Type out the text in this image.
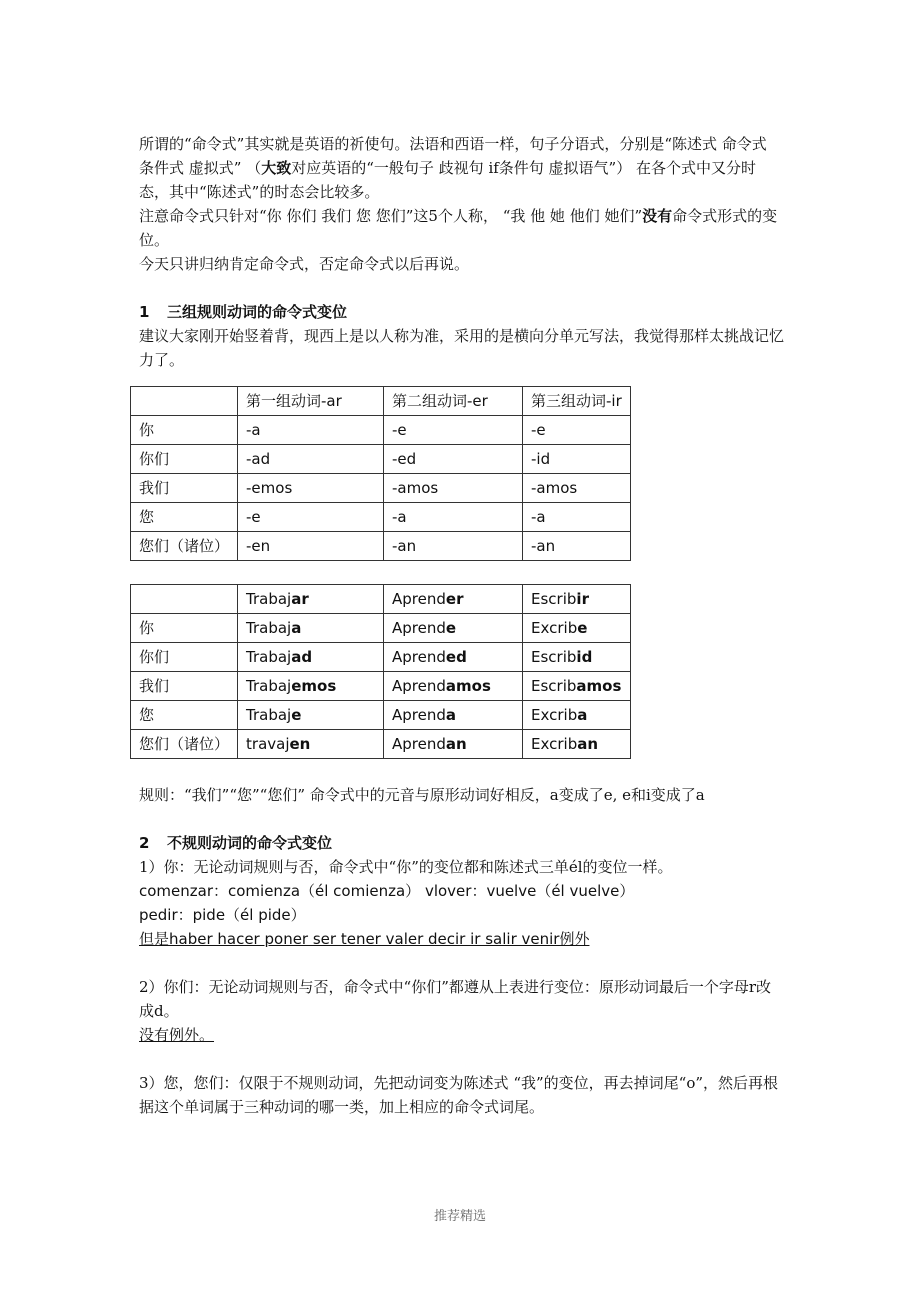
所谓的“命令式”其实就是英语的祈使句。法语和西语一样，句子分语式，分别是“陈述式 命令式 条件式 虚拟式” （大致对应英语的“一般句子 歧视句 if条件句 虚拟语气”） 在各个式中又分时态，其中“陈述式”的时态会比较多。

注意命令式只针对“你 你们 我们 您 您们”这5个人称， “我 他 她 他们 她们”没有命令式形式的变位。

今天只讲归纳肯定命令式，否定命令式以后再说。

1 三组规则动词的命令式变位

建议大家刚开始竖着背，现西上是以人称为准，采用的是横向分单元写法，我觉得那样太挑战记忆力了。

	第一组动词-ar	第二组动词-er	第三组动词-ir
你	-a	-e	-e
你们	-ad	-ed	-id
我们	-emos	-amos	-amos
您	-e	-a	-a
您们（诸位）	-en	-an	-an
	Trabajar	Aprender	Escribir
你	Trabaja	Aprende	Excribe
你们	Trabajad	Aprended	Escribid
我们	Trabajemos	Aprendamos	Escribamos
您	Trabaje	Aprenda	Excriba
您们（诸位）	travajen	Aprendan	Excriban

规则：“我们”“您”“您们” 命令式中的元音与原形动词好相反，a变成了e, e和i变成了a

2 不规则动词的命令式变位

1）你：无论动词规则与否，命令式中“你”的变位都和陈述式三单él的变位一样。

comenzar：comienza（él comienza） vlover：vuelve（él vuelve）

pedir：pide（él pide）

但是haber hacer poner ser tener valer decir ir salir venir例外

2）你们：无论动词规则与否，命令式中“你们”都遵从上表进行变位：原形动词最后一个字母r改成d。

没有例外。

3）您，您们：仅限于不规则动词，先把动词变为陈述式 “我”的变位，再去掉词尾“o”，然后再根据这个单词属于三种动词的哪一类，加上相应的命令式词尾。

推荐精选
